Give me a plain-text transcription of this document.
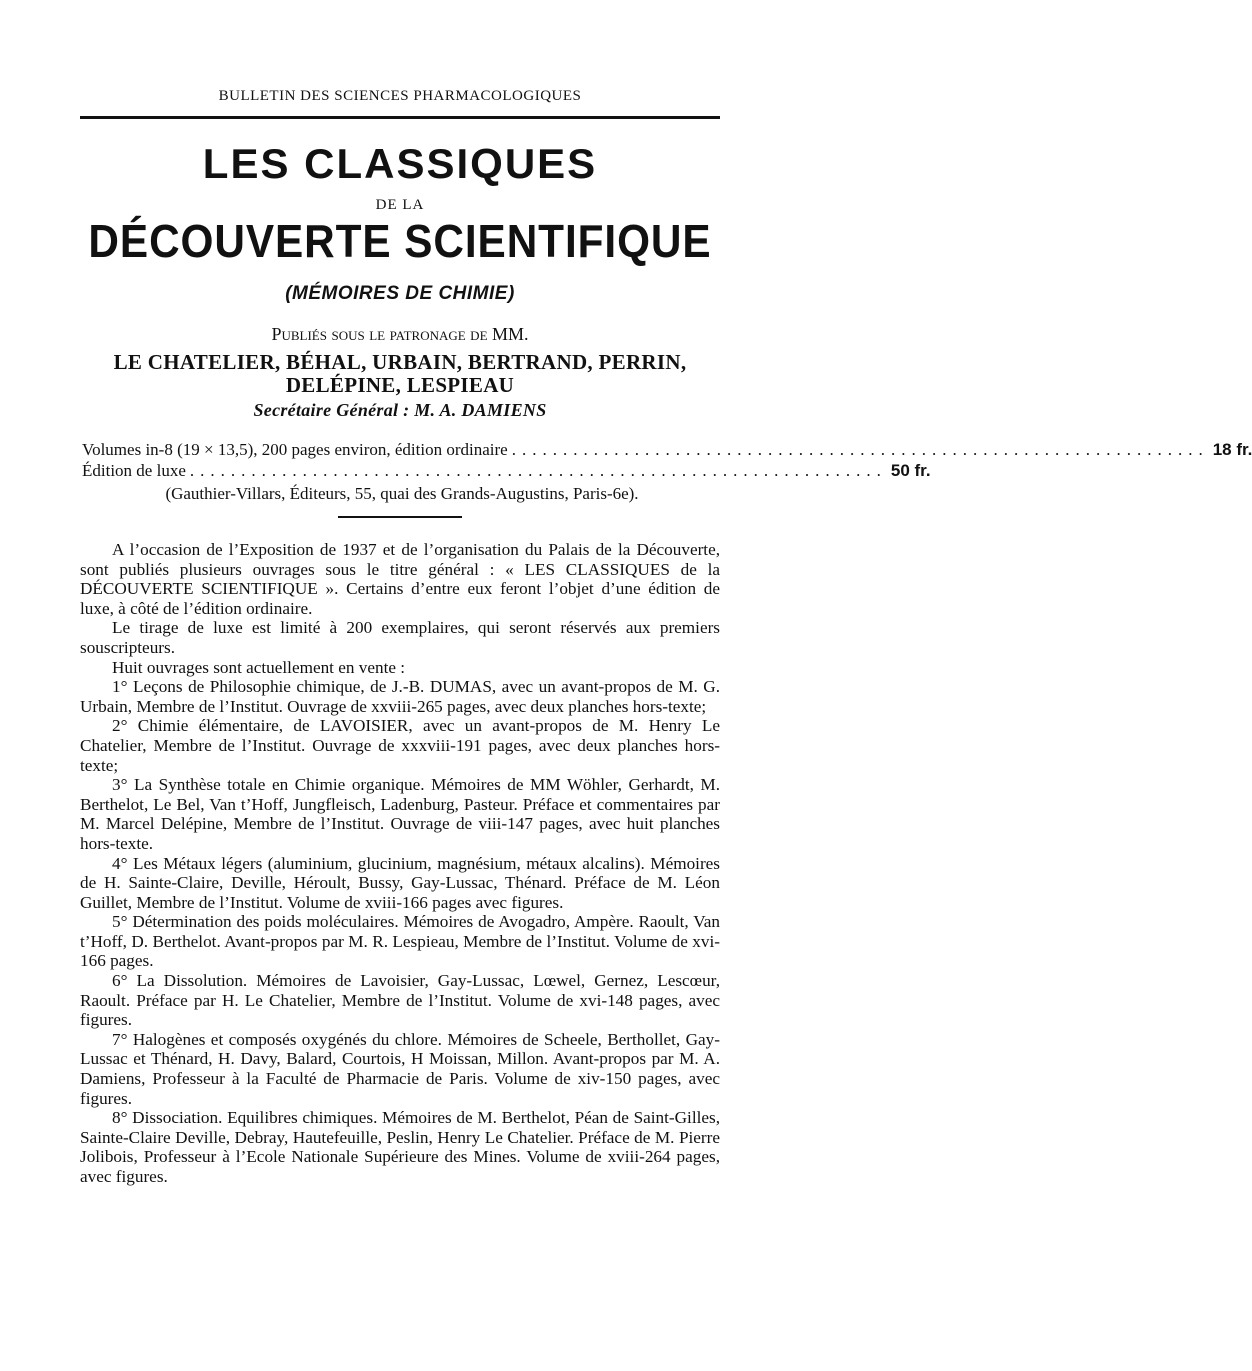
BULLETIN DES SCIENCES PHARMACOLOGIQUES
LES CLASSIQUES
DE LA
DÉCOUVERTE SCIENTIFIQUE
(MÉMOIRES DE CHIMIE)
Publiés sous le patronage de MM.
LE CHATELIER, BÉHAL, URBAIN, BERTRAND, PERRIN,
DELÉPINE, LESPIEAU
Secrétaire Général : M. A. DAMIENS
Volumes in-8 (19 × 13,5), 200 pages environ, édition ordinaire .................................................................... 18 fr.
Édition de luxe .................................................................... 50 fr.
(Gauthier-Villars, Éditeurs, 55, quai des Grands-Augustins, Paris-6e).

A l’occasion de l’Exposition de 1937 et de l’organisation du Palais de la Découverte, sont publiés plusieurs ouvrages sous le titre général : « LES CLASSIQUES de la DÉCOUVERTE SCIENTIFIQUE ». Certains d’entre eux feront l’objet d’une édition de luxe, à côté de l’édition ordinaire.

Le tirage de luxe est limité à 200 exemplaires, qui seront réservés aux premiers souscripteurs.

Huit ouvrages sont actuellement en vente :

1° Leçons de Philosophie chimique, de J.-B. DUMAS, avec un avant-propos de M. G. Urbain, Membre de l’Institut. Ouvrage de xxviii-265 pages, avec deux planches hors-texte;

2° Chimie élémentaire, de LAVOISIER, avec un avant-propos de M. Henry Le Chatelier, Membre de l’Institut. Ouvrage de xxxviii-191 pages, avec deux planches hors-texte;

3° La Synthèse totale en Chimie organique. Mémoires de MM Wöhler, Gerhardt, M. Berthelot, Le Bel, Van t’Hoff, Jungfleisch, Ladenburg, Pasteur. Préface et commentaires par M. Marcel Delépine, Membre de l’Institut. Ouvrage de viii-147 pages, avec huit planches hors-texte.

4° Les Métaux légers (aluminium, glucinium, magnésium, métaux alcalins). Mémoires de H. Sainte-Claire, Deville, Héroult, Bussy, Gay-Lussac, Thénard. Préface de M. Léon Guillet, Membre de l’Institut. Volume de xviii-166 pages avec figures.

5° Détermination des poids moléculaires. Mémoires de Avogadro, Ampère. Raoult, Van t’Hoff, D. Berthelot. Avant-propos par M. R. Lespieau, Membre de l’Institut. Volume de xvi-166 pages.

6° La Dissolution. Mémoires de Lavoisier, Gay-Lussac, Lœwel, Gernez, Lescœur, Raoult. Préface par H. Le Chatelier, Membre de l’Institut. Volume de xvi-148 pages, avec figures.

7° Halogènes et composés oxygénés du chlore. Mémoires de Scheele, Berthollet, Gay-Lussac et Thénard, H. Davy, Balard, Courtois, H Moissan, Millon. Avant-propos par M. A. Damiens, Professeur à la Faculté de Pharmacie de Paris. Volume de xiv-150 pages, avec figures.

8° Dissociation. Equilibres chimiques. Mémoires de M. Berthelot, Péan de Saint-Gilles, Sainte-Claire Deville, Debray, Hautefeuille, Peslin, Henry Le Chatelier. Préface de M. Pierre Jolibois, Professeur à l’Ecole Nationale Supérieure des Mines. Volume de xviii-264 pages, avec figures.
